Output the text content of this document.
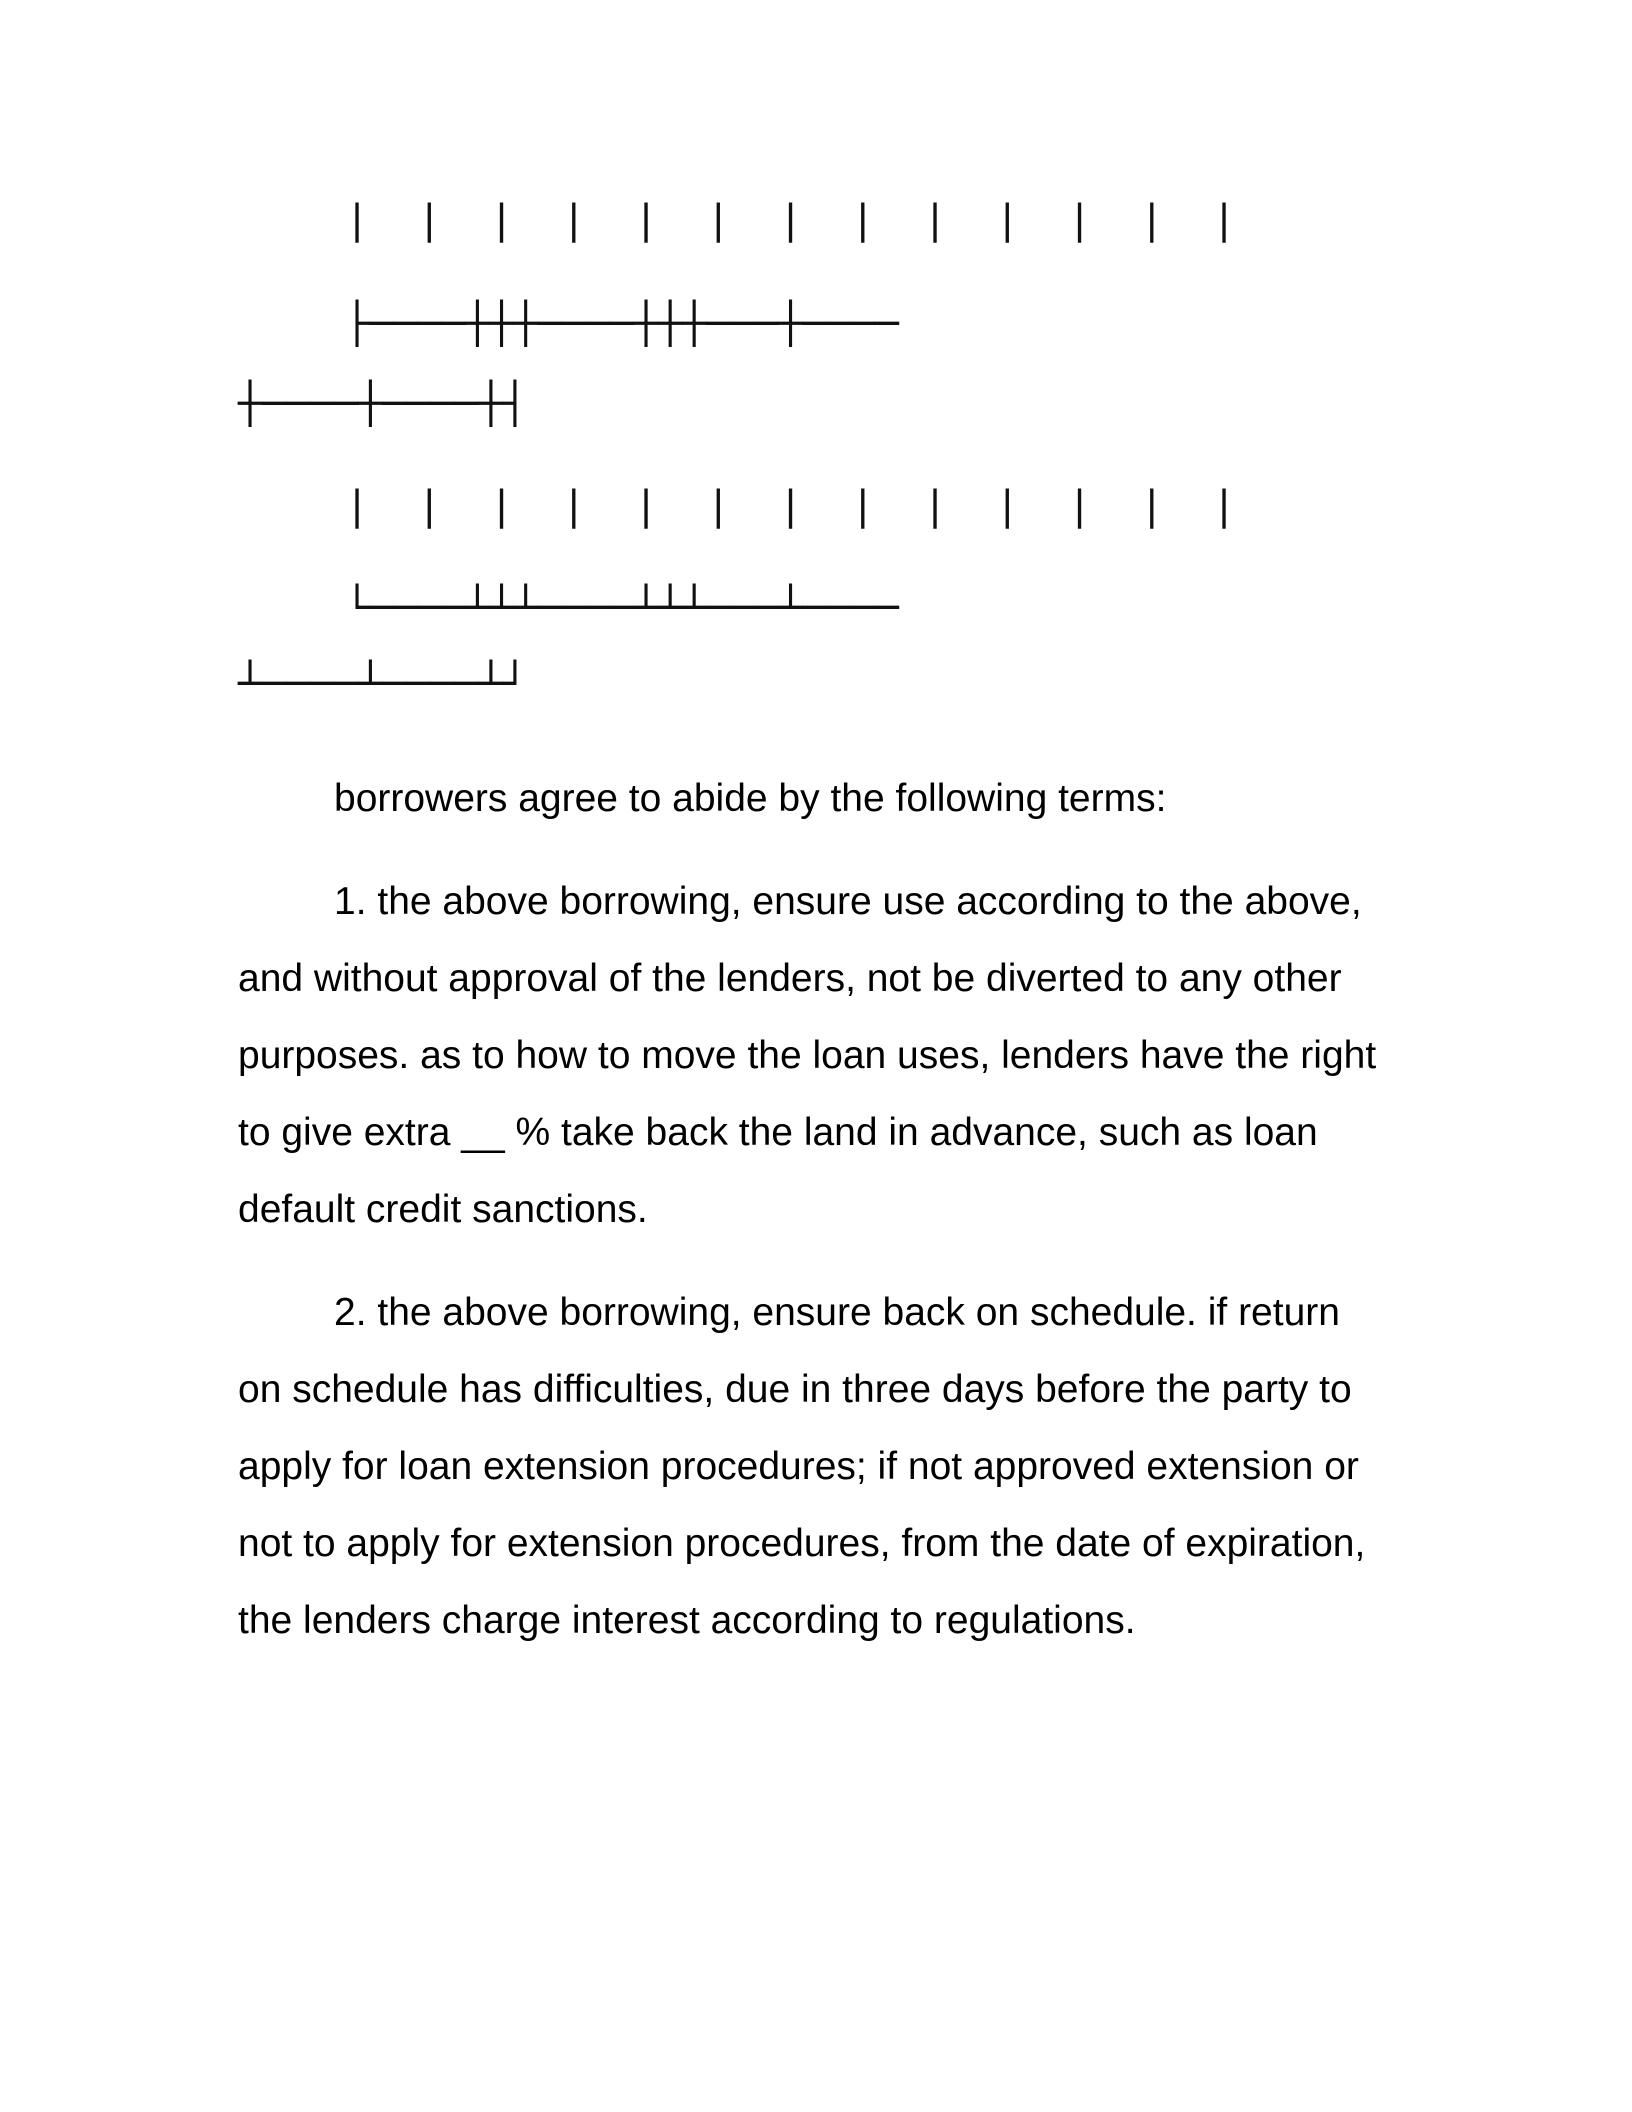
|  |  |  |  |  |  |  |  |  |  |  |  |
├────┼┼┼────┼┼┼───┼────
┼────┼────┼┤
|  |  |  |  |  |  |  |  |  |  |  |  |
└────┴┴┴────┴┴┴───┴────
┴────┴────┴┘

borrowers agree to abide by the following terms:

1. the above borrowing, ensure use according to the above, and without approval of the lenders, not be diverted to any other purposes. as to how to move the loan uses, lenders have the right to give extra __ % take back the land in advance, such as loan default credit sanctions.

2. the above borrowing, ensure back on schedule. if return on schedule has difficulties, due in three days before the party to apply for loan extension procedures; if not approved extension or not to apply for extension procedures, from the date of expiration, the lenders charge interest according to regulations.
